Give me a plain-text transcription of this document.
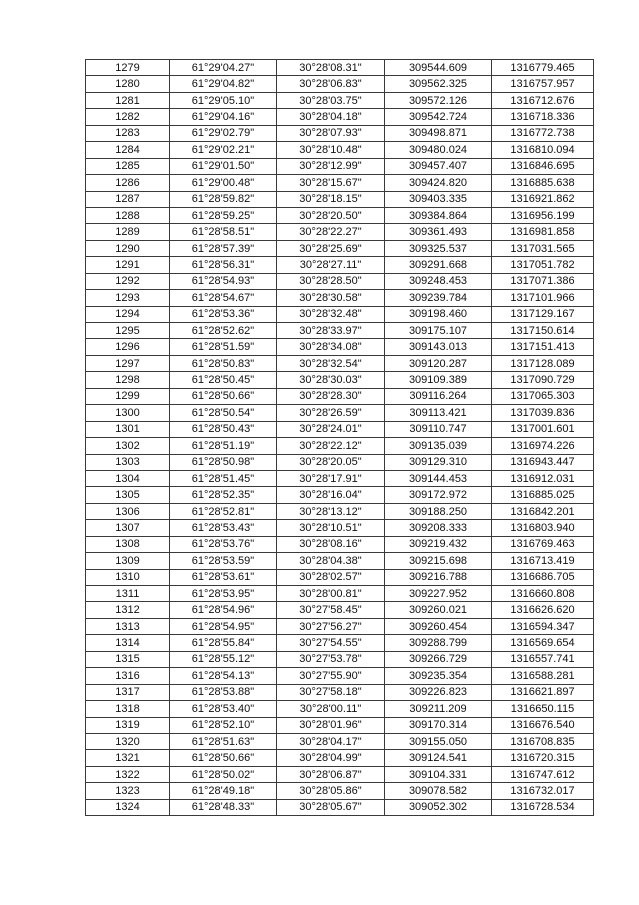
1279	61°29'04.27"	30°28'08.31"	309544.609	1316779.465
1280	61°29'04.82"	30°28'06.83"	309562.325	1316757.957
1281	61°29'05.10"	30°28'03.75"	309572.126	1316712.676
1282	61°29'04.16"	30°28'04.18"	309542.724	1316718.336
1283	61°29'02.79"	30°28'07.93"	309498.871	1316772.738
1284	61°29'02.21"	30°28'10.48"	309480.024	1316810.094
1285	61°29'01.50"	30°28'12.99"	309457.407	1316846.695
1286	61°29'00.48"	30°28'15.67"	309424.820	1316885.638
1287	61°28'59.82"	30°28'18.15"	309403.335	1316921.862
1288	61°28'59.25"	30°28'20.50"	309384.864	1316956.199
1289	61°28'58.51"	30°28'22.27"	309361.493	1316981.858
1290	61°28'57.39"	30°28'25.69"	309325.537	1317031.565
1291	61°28'56.31"	30°28'27.11"	309291.668	1317051.782
1292	61°28'54.93"	30°28'28.50"	309248.453	1317071.386
1293	61°28'54.67"	30°28'30.58"	309239.784	1317101.966
1294	61°28'53.36"	30°28'32.48"	309198.460	1317129.167
1295	61°28'52.62"	30°28'33.97"	309175.107	1317150.614
1296	61°28'51.59"	30°28'34.08"	309143.013	1317151.413
1297	61°28'50.83"	30°28'32.54"	309120.287	1317128.089
1298	61°28'50.45"	30°28'30.03"	309109.389	1317090.729
1299	61°28'50.66"	30°28'28.30"	309116.264	1317065.303
1300	61°28'50.54"	30°28'26.59"	309113.421	1317039.836
1301	61°28'50.43"	30°28'24.01"	309110.747	1317001.601
1302	61°28'51.19"	30°28'22.12"	309135.039	1316974.226
1303	61°28'50.98"	30°28'20.05"	309129.310	1316943.447
1304	61°28'51.45"	30°28'17.91"	309144.453	1316912.031
1305	61°28'52.35"	30°28'16.04"	309172.972	1316885.025
1306	61°28'52.81"	30°28'13.12"	309188.250	1316842.201
1307	61°28'53.43"	30°28'10.51"	309208.333	1316803.940
1308	61°28'53.76"	30°28'08.16"	309219.432	1316769.463
1309	61°28'53.59"	30°28'04.38"	309215.698	1316713.419
1310	61°28'53.61"	30°28'02.57"	309216.788	1316686.705
1311	61°28'53.95"	30°28'00.81"	309227.952	1316660.808
1312	61°28'54.96"	30°27'58.45"	309260.021	1316626.620
1313	61°28'54.95"	30°27'56.27"	309260.454	1316594.347
1314	61°28'55.84"	30°27'54.55"	309288.799	1316569.654
1315	61°28'55.12"	30°27'53.78"	309266.729	1316557.741
1316	61°28'54.13"	30°27'55.90"	309235.354	1316588.281
1317	61°28'53.88"	30°27'58.18"	309226.823	1316621.897
1318	61°28'53.40"	30°28'00.11"	309211.209	1316650.115
1319	61°28'52.10"	30°28'01.96"	309170.314	1316676.540
1320	61°28'51.63"	30°28'04.17"	309155.050	1316708.835
1321	61°28'50.66"	30°28'04.99"	309124.541	1316720.315
1322	61°28'50.02"	30°28'06.87"	309104.331	1316747.612
1323	61°28'49.18"	30°28'05.86"	309078.582	1316732.017
1324	61°28'48.33"	30°28'05.67"	309052.302	1316728.534
